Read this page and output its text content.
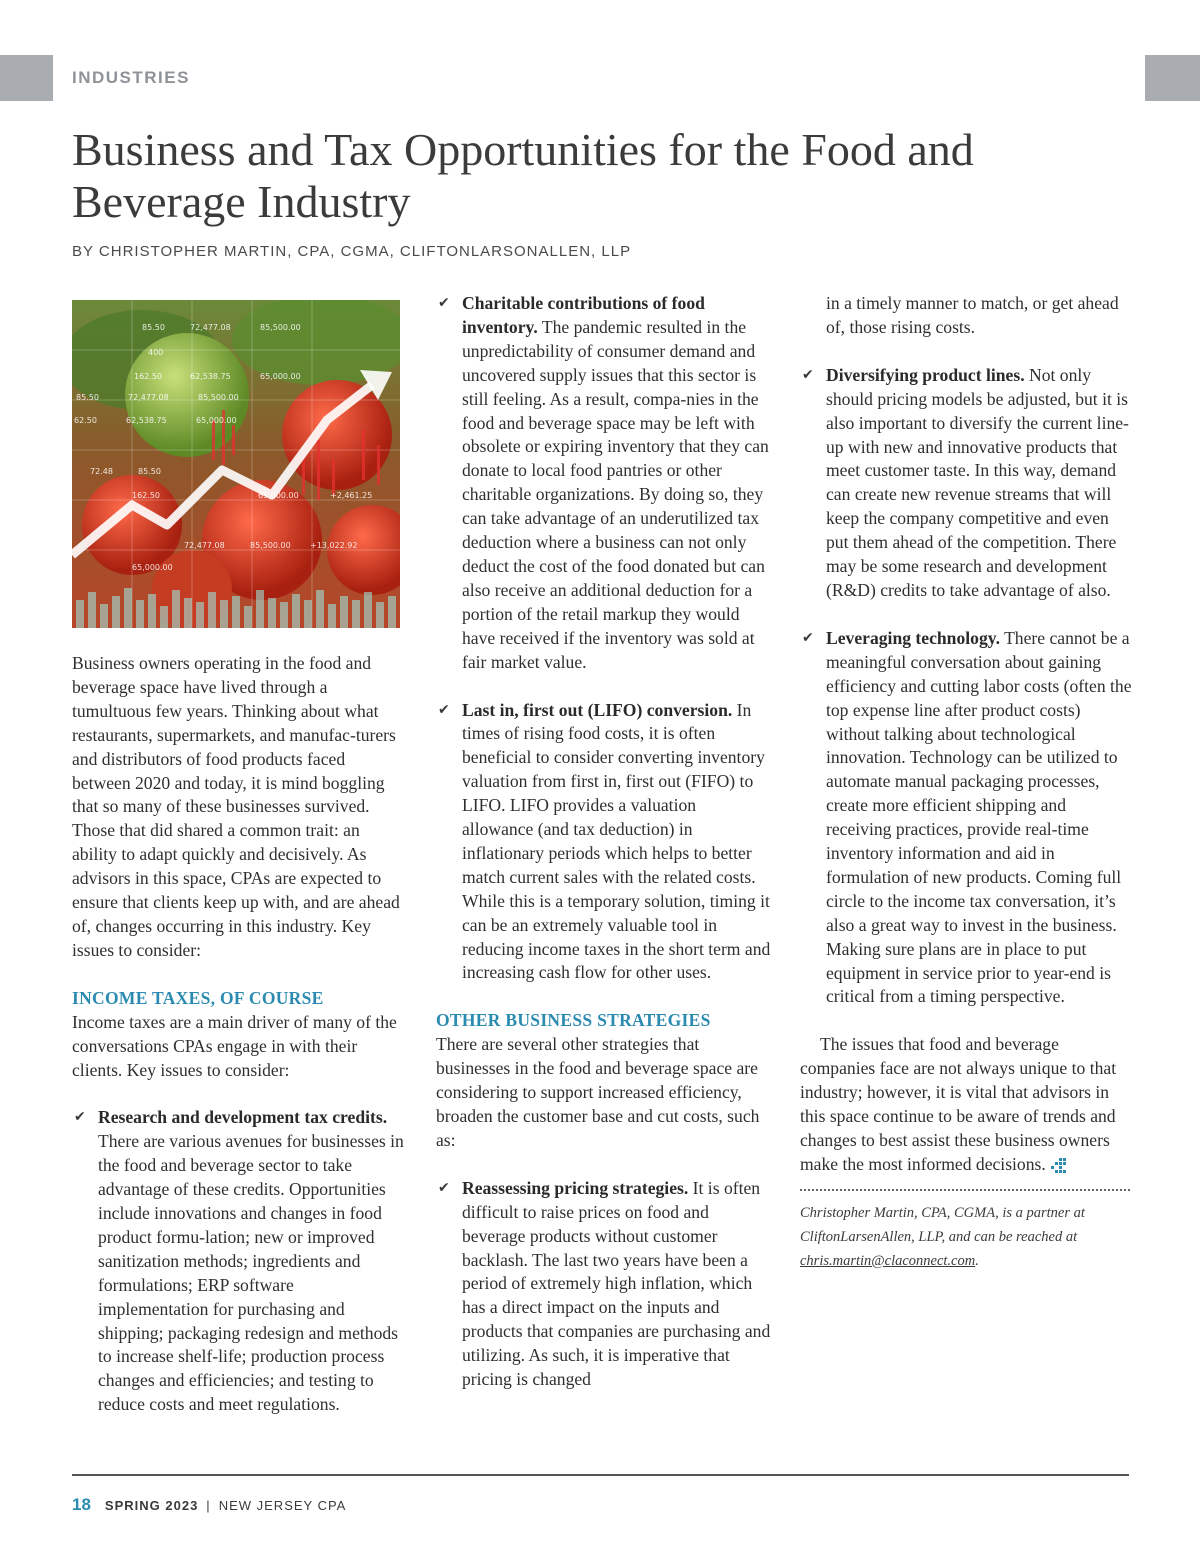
INDUSTRIES
Business and Tax Opportunities for the Food and Beverage Industry
BY CHRISTOPHER MARTIN, CPA, CGMA, CLIFTONLARSONALLEN, LLP
85.50	72,477.08	85,500.00
400
162.50	62,538.75	65,000.00
85.50	72,477.08	85,500.00
62.50	62,538.75	65,000.00
72.48	85.50
162.50	65,000.00	+2,461.25
72,477.08	85,500.00 +13,022.92
65,000.00

Business owners operating in the food and beverage space have lived through a tumultuous few years. Thinking about what restaurants, supermarkets, and manufac-turers and distributors of food products faced between 2020 and today, it is mind boggling that so many of these businesses survived. Those that did shared a common trait: an ability to adapt quickly and decisively. As advisors in this space, CPAs are expected to ensure that clients keep up with, and are ahead of, changes occurring in this industry. Key issues to consider:

INCOME TAXES, OF COURSE

Income taxes are a main driver of many of the conversations CPAs engage in with their clients. Key issues to consider:

✔ Research and development tax credits. There are various avenues for businesses in the food and beverage sector to take advantage of these credits. Opportunities include innovations and changes in food product formu-lation; new or improved sanitization methods; ingredients and formulations; ERP software implementation for purchasing and shipping; packaging redesign and methods to increase shelf-life; production process changes and efficiencies; and testing to reduce costs and meet regulations.
✔ Charitable contributions of food inventory. The pandemic resulted in the unpredictability of consumer demand and uncovered supply issues that this sector is still feeling. As a result, compa-nies in the food and beverage space may be left with obsolete or expiring inventory that they can donate to local food pantries or other charitable organizations. By doing so, they can take advantage of an underutilized tax deduction where a business can not only deduct the cost of the food donated but can also receive an additional deduction for a portion of the retail markup they would have received if the inventory was sold at fair market value.
✔ Last in, first out (LIFO) conversion. In times of rising food costs, it is often beneficial to consider converting inventory valuation from first in, first out (FIFO) to LIFO. LIFO provides a valuation allowance (and tax deduction) in inflationary periods which helps to better match current sales with the related costs. While this is a temporary solution, timing it can be an extremely valuable tool in reducing income taxes in the short term and increasing cash flow for other uses.
OTHER BUSINESS STRATEGIES

There are several other strategies that businesses in the food and beverage space are considering to support increased efficiency, broaden the customer base and cut costs, such as:

✔ Reassessing pricing strategies. It is often difficult to raise prices on food and beverage products without customer backlash. The last two years have been a period of extremely high inflation, which has a direct impact on the inputs and products that companies are purchasing and utilizing. As such, it is imperative that pricing is changed
in a timely manner to match, or get ahead of, those rising costs.
✔ Diversifying product lines. Not only should pricing models be adjusted, but it is also important to diversify the current line-up with new and innovative products that meet customer taste. In this way, demand can create new revenue streams that will keep the company competitive and even put them ahead of the competition. There may be some research and development (R&D) credits to take advantage of also.
✔ Leveraging technology. There cannot be a meaningful conversation about gaining efficiency and cutting labor costs (often the top expense line after product costs) without talking about technological innovation. Technology can be utilized to automate manual packaging processes, create more efficient shipping and receiving practices, provide real-time inventory information and aid in formulation of new products. Coming full circle to the income tax conversation, it’s also a great way to invest in the business. Making sure plans are in place to put equipment in service prior to year-end is critical from a timing perspective.

The issues that food and beverage companies face are not always unique to that industry; however, it is vital that advisors in this space continue to be aware of trends and changes to best assist these business owners make the most informed decisions.

Christopher Martin, CPA, CGMA, is a partner at CliftonLarsenAllen, LLP, and can be reached at chris.martin@claconnect.com.

18 SPRING 2023 | NEW JERSEY CPA
